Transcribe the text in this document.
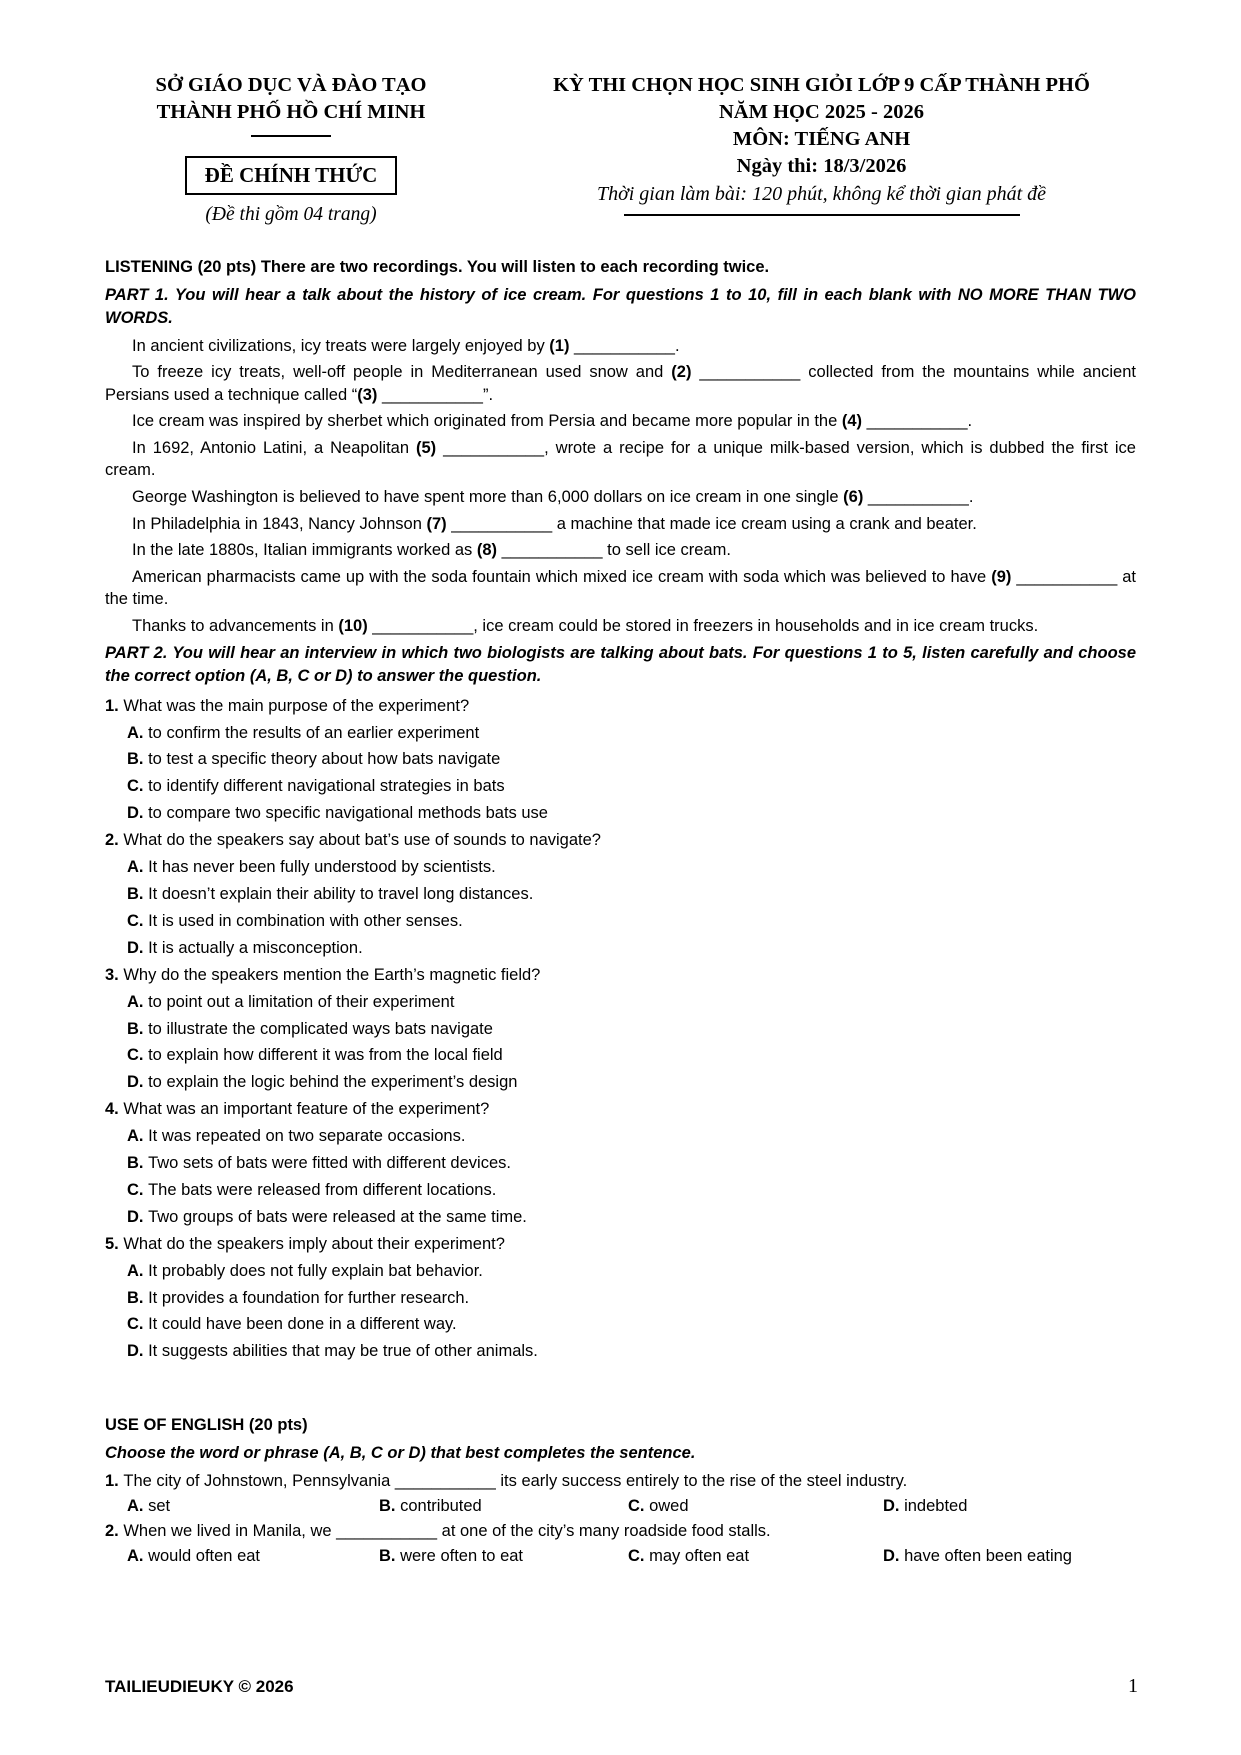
SỞ GIÁO DỤC VÀ ĐÀO TẠO
THÀNH PHỐ HỒ CHÍ MINH
ĐỀ CHÍNH THỨC
(Đề thi gồm 04 trang)
KỲ THI CHỌN HỌC SINH GIỎI LỚP 9 CẤP THÀNH PHỐ
NĂM HỌC 2025 - 2026
MÔN: TIẾNG ANH
Ngày thi: 18/3/2026
Thời gian làm bài: 120 phút, không kể thời gian phát đề

LISTENING (20 pts) There are two recordings. You will listen to each recording twice.

PART 1. You will hear a talk about the history of ice cream. For questions 1 to 10, fill in each blank with NO MORE THAN TWO WORDS.

In ancient civilizations, icy treats were largely enjoyed by (1) ___________.

To freeze icy treats, well-off people in Mediterranean used snow and (2) ___________ collected from the mountains while ancient Persians used a technique called “(3) ___________”.

Ice cream was inspired by sherbet which originated from Persia and became more popular in the (4) ___________.

In 1692, Antonio Latini, a Neapolitan (5) ___________, wrote a recipe for a unique milk-based version, which is dubbed the first ice cream.

George Washington is believed to have spent more than 6,000 dollars on ice cream in one single (6) ___________.

In Philadelphia in 1843, Nancy Johnson (7) ___________ a machine that made ice cream using a crank and beater.

In the late 1880s, Italian immigrants worked as (8) ___________ to sell ice cream.

American pharmacists came up with the soda fountain which mixed ice cream with soda which was believed to have (9) ___________ at the time.

Thanks to advancements in (10) ___________, ice cream could be stored in freezers in households and in ice cream trucks.

PART 2. You will hear an interview in which two biologists are talking about bats. For questions 1 to 5, listen carefully and choose the correct option (A, B, C or D) to answer the question.

1. What was the main purpose of the experiment?
A. to confirm the results of an earlier experiment
B. to test a specific theory about how bats navigate
C. to identify different navigational strategies in bats
D. to compare two specific navigational methods bats use
2. What do the speakers say about bat’s use of sounds to navigate?
A. It has never been fully understood by scientists.
B. It doesn’t explain their ability to travel long distances.
C. It is used in combination with other senses.
D. It is actually a misconception.
3. Why do the speakers mention the Earth’s magnetic field?
A. to point out a limitation of their experiment
B. to illustrate the complicated ways bats navigate
C. to explain how different it was from the local field
D. to explain the logic behind the experiment’s design
4. What was an important feature of the experiment?
A. It was repeated on two separate occasions.
B. Two sets of bats were fitted with different devices.
C. The bats were released from different locations.
D. Two groups of bats were released at the same time.
5. What do the speakers imply about their experiment?
A. It probably does not fully explain bat behavior.
B. It provides a foundation for further research.
C. It could have been done in a different way.
D. It suggests abilities that may be true of other animals.

USE OF ENGLISH (20 pts)

Choose the word or phrase (A, B, C or D) that best completes the sentence.

1. The city of Johnstown, Pennsylvania ___________ its early success entirely to the rise of the steel industry.
A. set	B. contributed	C. owed	D. indebted
2. When we lived in Manila, we ___________ at one of the city’s many roadside food stalls.
A. would often eat	B. were often to eat	C. may often eat	D. have often been eating
TAILIEUDIEUKY © 2026	1
